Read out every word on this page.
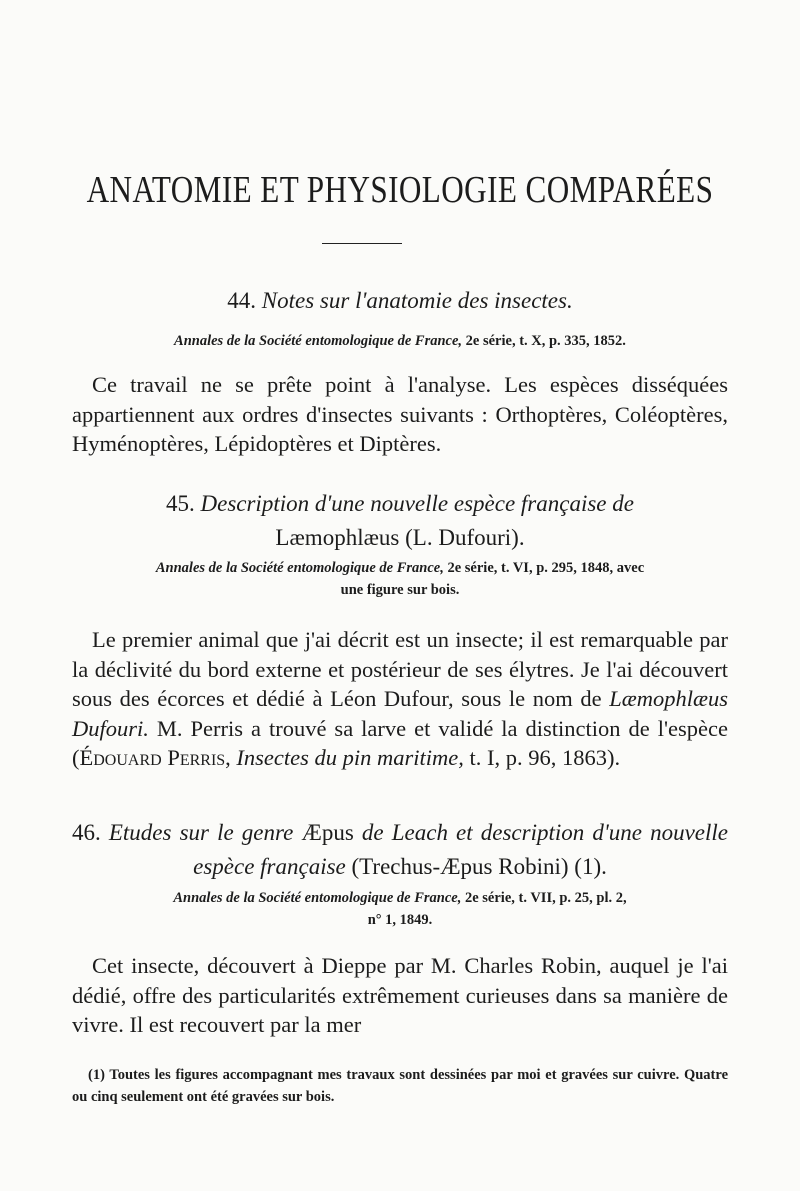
ANATOMIE ET PHYSIOLOGIE COMPARÉES
44. Notes sur l'anatomie des insectes.
Annales de la Société entomologique de France, 2e série, t. X, p. 335, 1852.
Ce travail ne se prête point à l'analyse. Les espèces disséquées appartiennent aux ordres d'insectes suivants : Orthoptères, Coléoptères, Hyménoptères, Lépidoptères et Diptères.
45. Description d'une nouvelle espèce française de
Læmophlæus (L. Dufouri).
Annales de la Société entomologique de France, 2e série, t. VI, p. 295, 1848, avec
une figure sur bois.
Le premier animal que j'ai décrit est un insecte; il est remarquable par la déclivité du bord externe et postérieur de ses élytres. Je l'ai découvert sous des écorces et dédié à Léon Dufour, sous le nom de Læmophlæus Dufouri. M. Perris a trouvé sa larve et validé la distinction de l'espèce (Édouard Perris, Insectes du pin maritime, t. I, p. 96, 1863).
46. Etudes sur le genre Æpus de Leach et description d'une nouvelle espèce française (Trechus-Æpus Robini) (1).
Annales de la Société entomologique de France, 2e série, t. VII, p. 25, pl. 2,
n° 1, 1849.
Cet insecte, découvert à Dieppe par M. Charles Robin, auquel je l'ai dédié, offre des particularités extrêmement curieuses dans sa manière de vivre. Il est recouvert par la mer
(1) Toutes les figures accompagnant mes travaux sont dessinées par moi et gravées sur cuivre. Quatre ou cinq seulement ont été gravées sur bois.
